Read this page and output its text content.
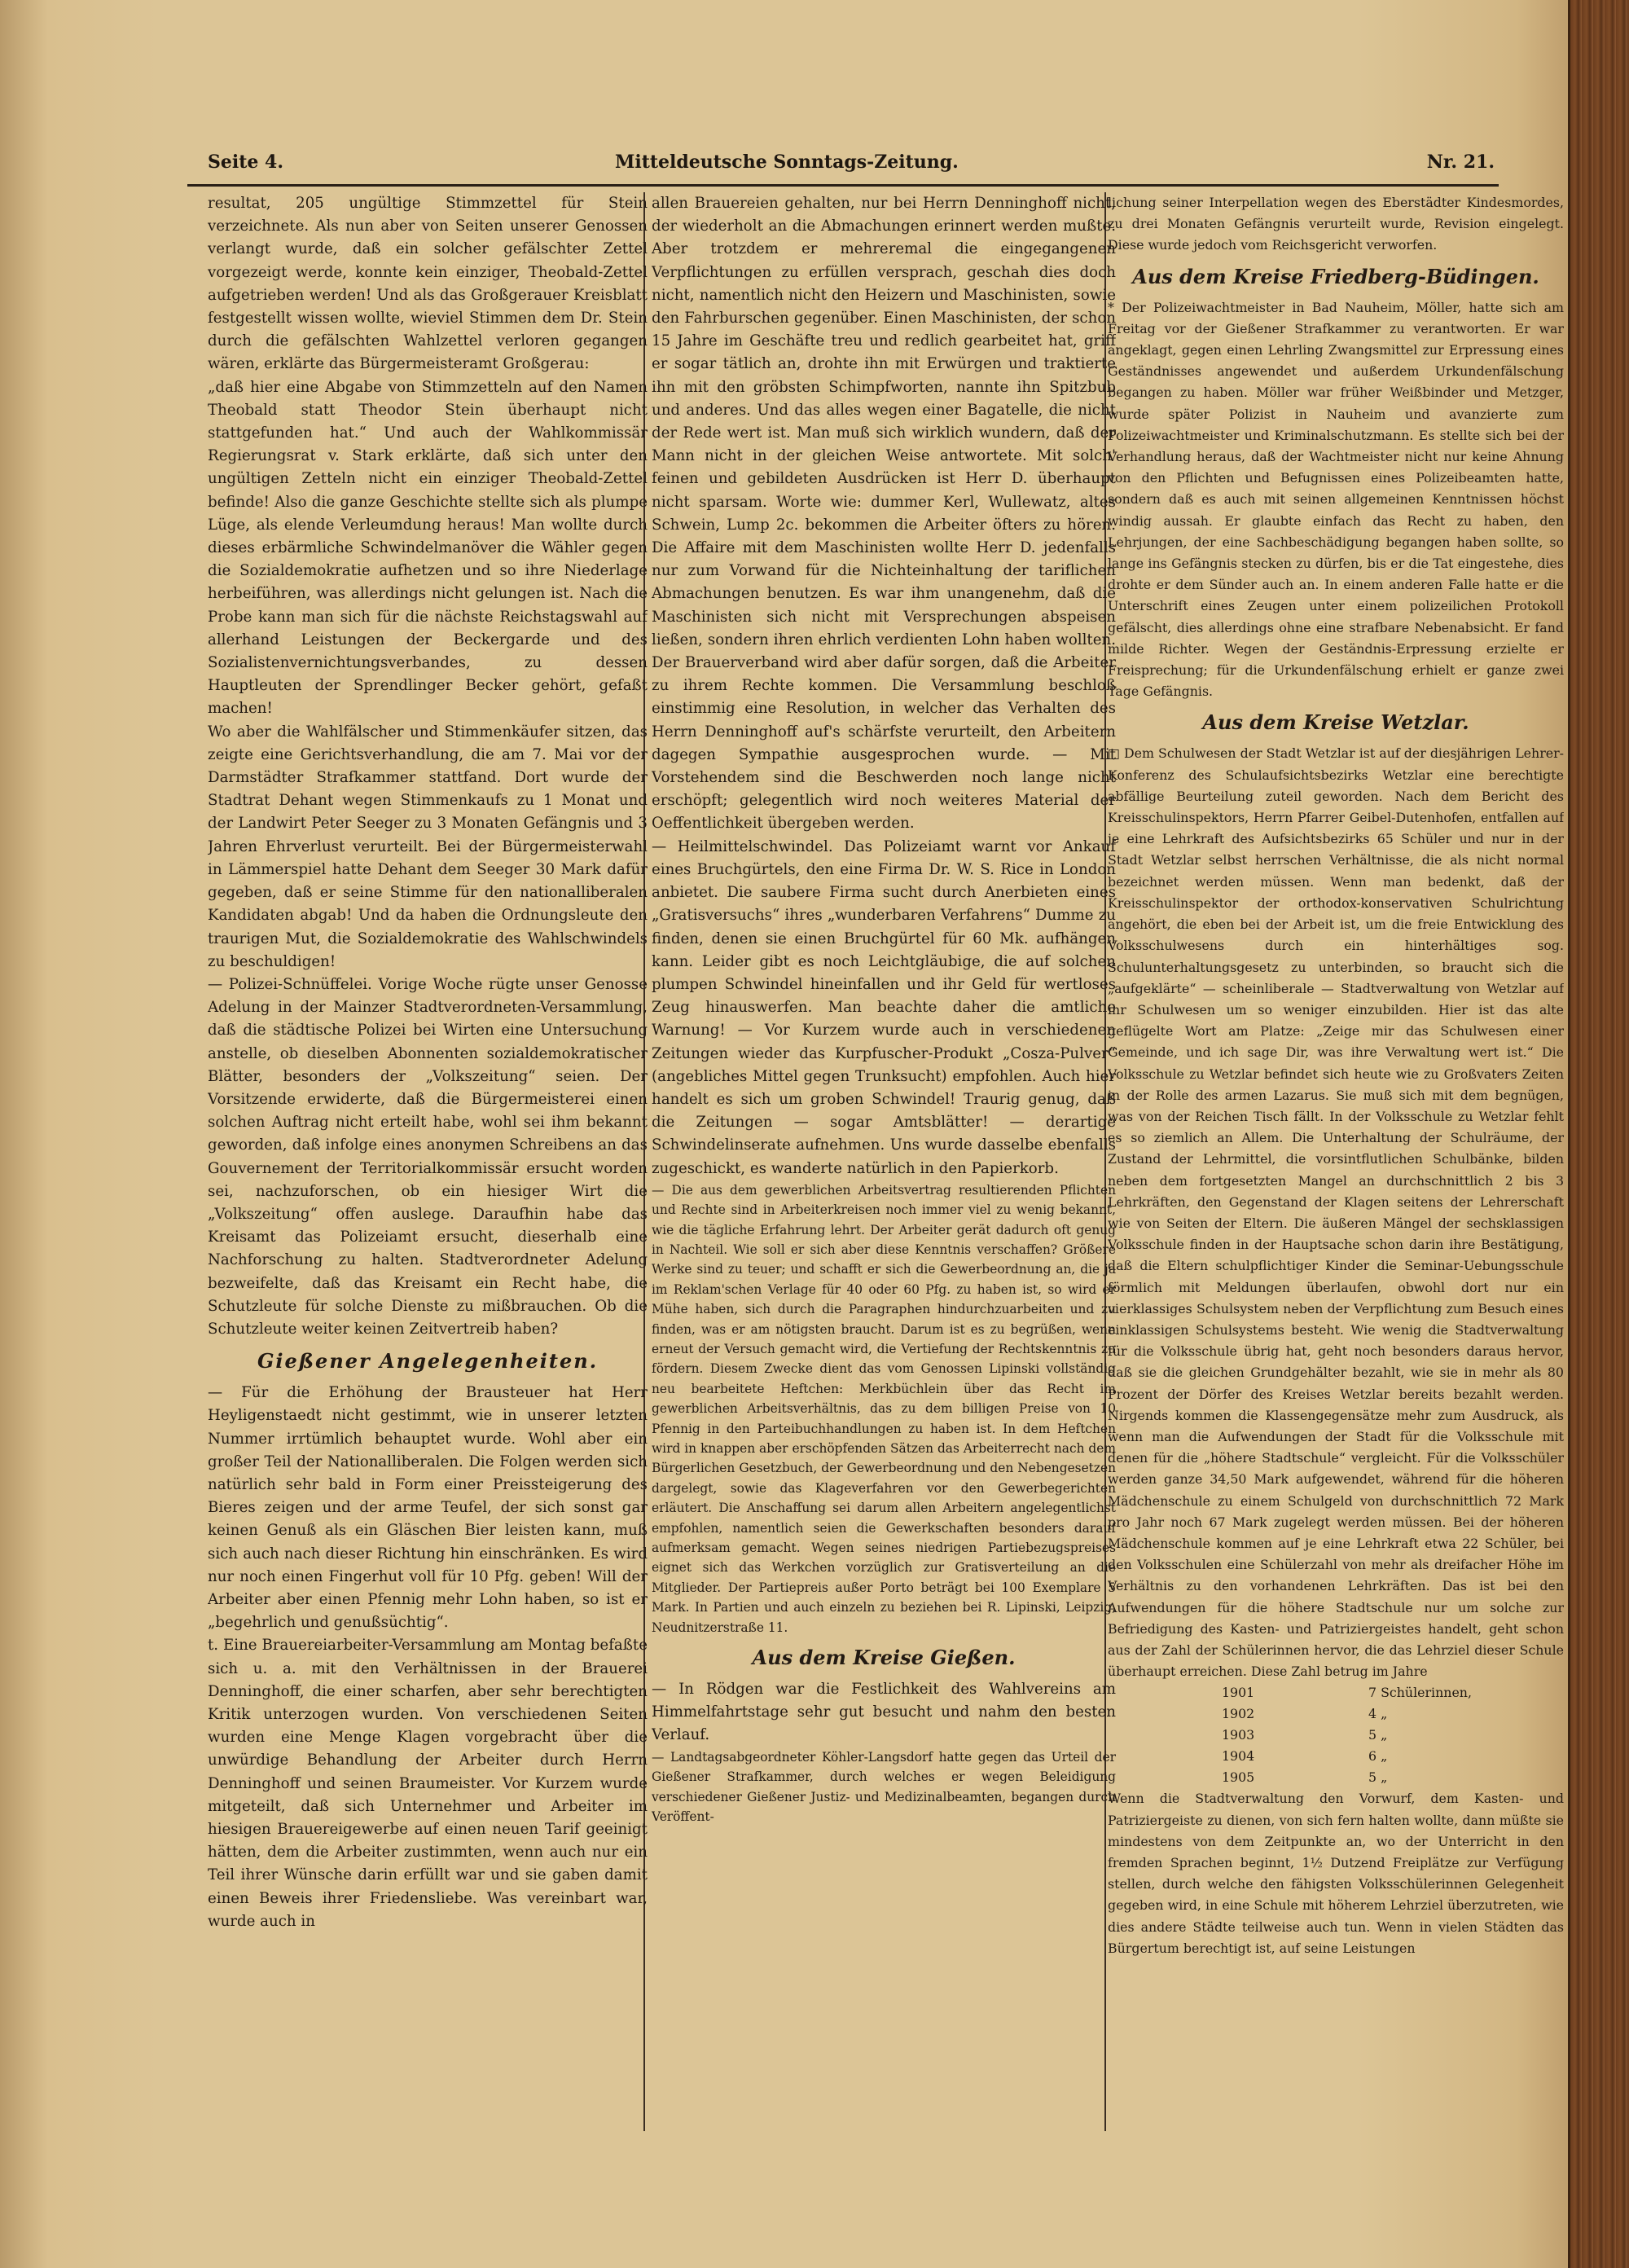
Seite 4.	Mitteldeutsche Sonntags-Zeitung.	Nr. 21.

resultat, 205 ungültige Stimmzettel für Stein verzeichnete. Als nun aber von Seiten unserer Genossen verlangt wurde, daß ein solcher gefälschter Zettel vorgezeigt werde, konnte kein einziger, Theobald-Zettel aufgetrieben werden! Und als das Großgerauer Kreisblatt festgestellt wissen wollte, wieviel Stimmen dem Dr. Stein durch die gefälschten Wahlzettel verloren gegangen wären, erklärte das Bürgermeisteramt Großgerau:

„daß hier eine Abgabe von Stimmzetteln auf den Namen Theobald statt Theodor Stein überhaupt nicht stattgefunden hat.“ Und auch der Wahlkommissär Regierungsrat v. Stark erklärte, daß sich unter den ungültigen Zetteln nicht ein einziger Theobald-Zettel befinde! Also die ganze Geschichte stellte sich als plumpe Lüge, als elende Verleumdung heraus! Man wollte durch dieses erbärmliche Schwindelmanöver die Wähler gegen die Sozialdemokratie aufhetzen und so ihre Niederlage herbeiführen, was allerdings nicht gelungen ist. Nach die Probe kann man sich für die nächste Reichstagswahl auf allerhand Leistungen der Beckergarde und des Sozialistenvernichtungsverbandes, zu dessen Hauptleuten der Sprendlinger Becker gehört, gefaßt machen!

Wo aber die Wahlfälscher und Stimmenkäufer sitzen, das zeigte eine Gerichtsverhandlung, die am 7. Mai vor der Darmstädter Strafkammer stattfand. Dort wurde der Stadtrat Dehant wegen Stimmenkaufs zu 1 Monat und der Landwirt Peter Seeger zu 3 Monaten Gefängnis und 3 Jahren Ehrverlust verurteilt. Bei der Bürgermeisterwahl in Lämmerspiel hatte Dehant dem Seeger 30 Mark dafür gegeben, daß er seine Stimme für den nationalliberalen Kandidaten abgab! Und da haben die Ordnungsleute den traurigen Mut, die Sozialdemokratie des Wahlschwindels zu beschuldigen!

— Polizei-Schnüffelei. Vorige Woche rügte unser Genosse Adelung in der Mainzer Stadtverordneten-Versammlung, daß die städtische Polizei bei Wirten eine Untersuchung anstelle, ob dieselben Abonnenten sozialdemokratischer Blätter, besonders der „Volkszeitung“ seien. Der Vorsitzende erwiderte, daß die Bürgermeisterei einen solchen Auftrag nicht erteilt habe, wohl sei ihm bekannt geworden, daß infolge eines anonymen Schreibens an das Gouvernement der Territorialkommissär ersucht worden sei, nachzuforschen, ob ein hiesiger Wirt die „Volkszeitung“ offen auslege. Daraufhin habe das Kreisamt das Polizeiamt ersucht, dieserhalb eine Nachforschung zu halten. Stadtverordneter Adelung bezweifelte, daß das Kreisamt ein Recht habe, die Schutzleute für solche Dienste zu mißbrauchen. Ob die Schutzleute weiter keinen Zeitvertreib haben?

Gießener Angelegenheiten.

— Für die Erhöhung der Brausteuer hat Herr Heyligenstaedt nicht gestimmt, wie in unserer letzten Nummer irrtümlich behauptet wurde. Wohl aber ein großer Teil der Nationalliberalen. Die Folgen werden sich natürlich sehr bald in Form einer Preissteigerung des Bieres zeigen und der arme Teufel, der sich sonst gar keinen Genuß als ein Gläschen Bier leisten kann, muß sich auch nach dieser Richtung hin einschränken. Es wird nur noch einen Fingerhut voll für 10 Pfg. geben! Will der Arbeiter aber einen Pfennig mehr Lohn haben, so ist er „begehrlich und genußsüchtig“.

t. Eine Brauereiarbeiter-Versammlung am Montag befaßte sich u. a. mit den Verhältnissen in der Brauerei Denninghoff, die einer scharfen, aber sehr berechtigten Kritik unterzogen wurden. Von verschiedenen Seiten wurden eine Menge Klagen vorgebracht über die unwürdige Behandlung der Arbeiter durch Herrn Denninghoff und seinen Braumeister. Vor Kurzem wurde mitgeteilt, daß sich Unternehmer und Arbeiter im hiesigen Brauereigewerbe auf einen neuen Tarif geeinigt hätten, dem die Arbeiter zustimmten, wenn auch nur ein Teil ihrer Wünsche darin erfüllt war und sie gaben damit einen Beweis ihrer Friedensliebe. Was vereinbart war, wurde auch in

allen Brauereien gehalten, nur bei Herrn Denninghoff nicht, der wiederholt an die Abmachungen erinnert werden mußte. Aber trotzdem er mehreremal die eingegangenen Verpflichtungen zu erfüllen versprach, geschah dies doch nicht, namentlich nicht den Heizern und Maschinisten, sowie den Fahrburschen gegenüber. Einen Maschinisten, der schon 15 Jahre im Geschäfte treu und redlich gearbeitet hat, griff er sogar tätlich an, drohte ihn mit Erwürgen und traktierte ihn mit den gröbsten Schimpfworten, nannte ihn Spitzbub und anderes. Und das alles wegen einer Bagatelle, die nicht der Rede wert ist. Man muß sich wirklich wundern, daß der Mann nicht in der gleichen Weise antwortete. Mit solch' feinen und gebildeten Ausdrücken ist Herr D. überhaupt nicht sparsam. Worte wie: dummer Kerl, Wullewatz, altes Schwein, Lump 2c. bekommen die Arbeiter öfters zu hören. Die Affaire mit dem Maschinisten wollte Herr D. jedenfalls nur zum Vorwand für die Nichteinhaltung der tariflichen Abmachungen benutzen. Es war ihm unangenehm, daß die Maschinisten sich nicht mit Versprechungen abspeisen ließen, sondern ihren ehrlich verdienten Lohn haben wollten. Der Brauerverband wird aber dafür sorgen, daß die Arbeiter zu ihrem Rechte kommen. Die Versammlung beschloß einstimmig eine Resolution, in welcher das Verhalten des Herrn Denninghoff auf's schärfste verurteilt, den Arbeitern dagegen Sympathie ausgesprochen wurde. — Mit Vorstehendem sind die Beschwerden noch lange nicht erschöpft; gelegentlich wird noch weiteres Material der Oeffentlichkeit übergeben werden.

— Heilmittelschwindel. Das Polizeiamt warnt vor Ankauf eines Bruchgürtels, den eine Firma Dr. W. S. Rice in London anbietet. Die saubere Firma sucht durch Anerbieten eines „Gratisversuchs“ ihres „wunderbaren Verfahrens“ Dumme zu finden, denen sie einen Bruchgürtel für 60 Mk. aufhängen kann. Leider gibt es noch Leichtgläubige, die auf solchen plumpen Schwindel hineinfallen und ihr Geld für wertloses Zeug hinauswerfen. Man beachte daher die amtliche Warnung! — Vor Kurzem wurde auch in verschiedenen Zeitungen wieder das Kurpfuscher-Produkt „Cosza-Pulver“ (angebliches Mittel gegen Trunksucht) empfohlen. Auch hier handelt es sich um groben Schwindel! Traurig genug, daß die Zeitungen — sogar Amtsblätter! — derartige Schwindelinserate aufnehmen. Uns wurde dasselbe ebenfalls zugeschickt, es wanderte natürlich in den Papierkorb.

— Die aus dem gewerblichen Arbeitsvertrag resultierenden Pflichten und Rechte sind in Arbeiterkreisen noch immer viel zu wenig bekannt, wie die tägliche Erfahrung lehrt. Der Arbeiter gerät dadurch oft genug in Nachteil. Wie soll er sich aber diese Kenntnis verschaffen? Größere Werke sind zu teuer; und schafft er sich die Gewerbeordnung an, die ja im Reklam'schen Verlage für 40 oder 60 Pfg. zu haben ist, so wird er Mühe haben, sich durch die Paragraphen hindurchzuarbeiten und zu finden, was er am nötigsten braucht. Darum ist es zu begrüßen, wenn erneut der Versuch gemacht wird, die Vertiefung der Rechtskenntnis zu fördern. Diesem Zwecke dient das vom Genossen Lipinski vollständig neu bearbeitete Heftchen: Merkbüchlein über das Recht im gewerblichen Arbeitsverhältnis, das zu dem billigen Preise von 10 Pfennig in den Parteibuchhandlungen zu haben ist. In dem Heftchen wird in knappen aber erschöpfenden Sätzen das Arbeiterrecht nach dem Bürgerlichen Gesetzbuch, der Gewerbeordnung und den Nebengesetzen dargelegt, sowie das Klageverfahren vor den Gewerbegerichten erläutert. Die Anschaffung sei darum allen Arbeitern angelegentlichst empfohlen, namentlich seien die Gewerkschaften besonders darauf aufmerksam gemacht. Wegen seines niedrigen Partiebezugspreises eignet sich das Werkchen vorzüglich zur Gratisverteilung an die Mitglieder. Der Partiepreis außer Porto beträgt bei 100 Exemplare 5 Mark. In Partien und auch einzeln zu beziehen bei R. Lipinski, Leipzig, Neudnitzerstraße 11.

Aus dem Kreise Gießen.

— In Rödgen war die Festlichkeit des Wahlvereins am Himmelfahrtstage sehr gut besucht und nahm den besten Verlauf.

— Landtagsabgeordneter Köhler-Langsdorf hatte gegen das Urteil der Gießener Strafkammer, durch welches er wegen Beleidigung verschiedener Gießener Justiz- und Medizinalbeamten, begangen durch Veröffent-

lichung seiner Interpellation wegen des Eberstädter Kindesmordes, zu drei Monaten Gefängnis verurteilt wurde, Revision eingelegt. Diese wurde jedoch vom Reichsgericht verworfen.

Aus dem Kreise Friedberg-Büdingen.

* Der Polizeiwachtmeister in Bad Nauheim, Möller, hatte sich am Freitag vor der Gießener Strafkammer zu verantworten. Er war angeklagt, gegen einen Lehrling Zwangsmittel zur Erpressung eines Geständnisses angewendet und außerdem Urkundenfälschung begangen zu haben. Möller war früher Weißbinder und Metzger, wurde später Polizist in Nauheim und avanzierte zum Polizeiwachtmeister und Kriminalschutzmann. Es stellte sich bei der Verhandlung heraus, daß der Wachtmeister nicht nur keine Ahnung von den Pflichten und Befugnissen eines Polizeibeamten hatte, sondern daß es auch mit seinen allgemeinen Kenntnissen höchst windig aussah. Er glaubte einfach das Recht zu haben, den Lehrjungen, der eine Sachbeschädigung begangen haben sollte, so lange ins Gefängnis stecken zu dürfen, bis er die Tat eingestehe, dies drohte er dem Sünder auch an. In einem anderen Falle hatte er die Unterschrift eines Zeugen unter einem polizeilichen Protokoll gefälscht, dies allerdings ohne eine strafbare Nebenabsicht. Er fand milde Richter. Wegen der Geständnis-Erpressung erzielte er Freisprechung; für die Urkundenfälschung erhielt er ganze zwei Tage Gefängnis.

Aus dem Kreise Wetzlar.

□ Dem Schulwesen der Stadt Wetzlar ist auf der diesjährigen Lehrer-Konferenz des Schulaufsichtsbezirks Wetzlar eine berechtigte abfällige Beurteilung zuteil geworden. Nach dem Bericht des Kreisschulinspektors, Herrn Pfarrer Geibel-Dutenhofen, entfallen auf je eine Lehrkraft des Aufsichtsbezirks 65 Schüler und nur in der Stadt Wetzlar selbst herrschen Verhältnisse, die als nicht normal bezeichnet werden müssen. Wenn man bedenkt, daß der Kreisschulinspektor der orthodox-konservativen Schulrichtung angehört, die eben bei der Arbeit ist, um die freie Entwicklung des Volksschulwesens durch ein hinterhältiges sog. Schulunterhaltungsgesetz zu unterbinden, so braucht sich die „aufgeklärte“ — scheinliberale — Stadtverwaltung von Wetzlar auf ihr Schulwesen um so weniger einzubilden. Hier ist das alte geflügelte Wort am Platze: „Zeige mir das Schulwesen einer Gemeinde, und ich sage Dir, was ihre Verwaltung wert ist.“ Die Volksschule zu Wetzlar befindet sich heute wie zu Großvaters Zeiten in der Rolle des armen Lazarus. Sie muß sich mit dem begnügen, was von der Reichen Tisch fällt. In der Volksschule zu Wetzlar fehlt es so ziemlich an Allem. Die Unterhaltung der Schulräume, der Zustand der Lehrmittel, die vorsintflutlichen Schulbänke, bilden neben dem fortgesetzten Mangel an durchschnittlich 2 bis 3 Lehrkräften, den Gegenstand der Klagen seitens der Lehrerschaft wie von Seiten der Eltern. Die äußeren Mängel der sechsklassigen Volksschule finden in der Hauptsache schon darin ihre Bestätigung, daß die Eltern schulpflichtiger Kinder die Seminar-Uebungsschule förmlich mit Meldungen überlaufen, obwohl dort nur ein vierklassiges Schulsystem neben der Verpflichtung zum Besuch eines einklassigen Schulsystems besteht. Wie wenig die Stadtverwaltung für die Volksschule übrig hat, geht noch besonders daraus hervor, daß sie die gleichen Grundgehälter bezahlt, wie sie in mehr als 80 Prozent der Dörfer des Kreises Wetzlar bereits bezahlt werden. Nirgends kommen die Klassengegensätze mehr zum Ausdruck, als wenn man die Aufwendungen der Stadt für die Volksschule mit denen für die „höhere Stadtschule“ vergleicht. Für die Volksschüler werden ganze 34,50 Mark aufgewendet, während für die höheren Mädchenschule zu einem Schulgeld von durchschnittlich 72 Mark pro Jahr noch 67 Mark zugelegt werden müssen. Bei der höheren Mädchenschule kommen auf je eine Lehrkraft etwa 22 Schüler, bei den Volksschulen eine Schülerzahl von mehr als dreifacher Höhe im Verhältnis zu den vorhandenen Lehrkräften. Das ist bei den Aufwendungen für die höhere Stadtschule nur um solche zur Befriedigung des Kasten- und Patriziergeistes handelt, geht schon aus der Zahl der Schülerinnen hervor, die das Lehrziel dieser Schule überhaupt erreichen. Diese Zahl betrug im Jahre

1901	7 Schülerinnen,
1902	4 „
1903	5 „
1904	6 „
1905	5 „

Wenn die Stadtverwaltung den Vorwurf, dem Kasten- und Patriziergeiste zu dienen, von sich fern halten wollte, dann müßte sie mindestens von dem Zeitpunkte an, wo der Unterricht in den fremden Sprachen beginnt, 1½ Dutzend Freiplätze zur Verfügung stellen, durch welche den fähigsten Volksschülerinnen Gelegenheit gegeben wird, in eine Schule mit höherem Lehrziel überzutreten, wie dies andere Städte teilweise auch tun. Wenn in vielen Städten das Bürgertum berechtigt ist, auf seine Leistungen
